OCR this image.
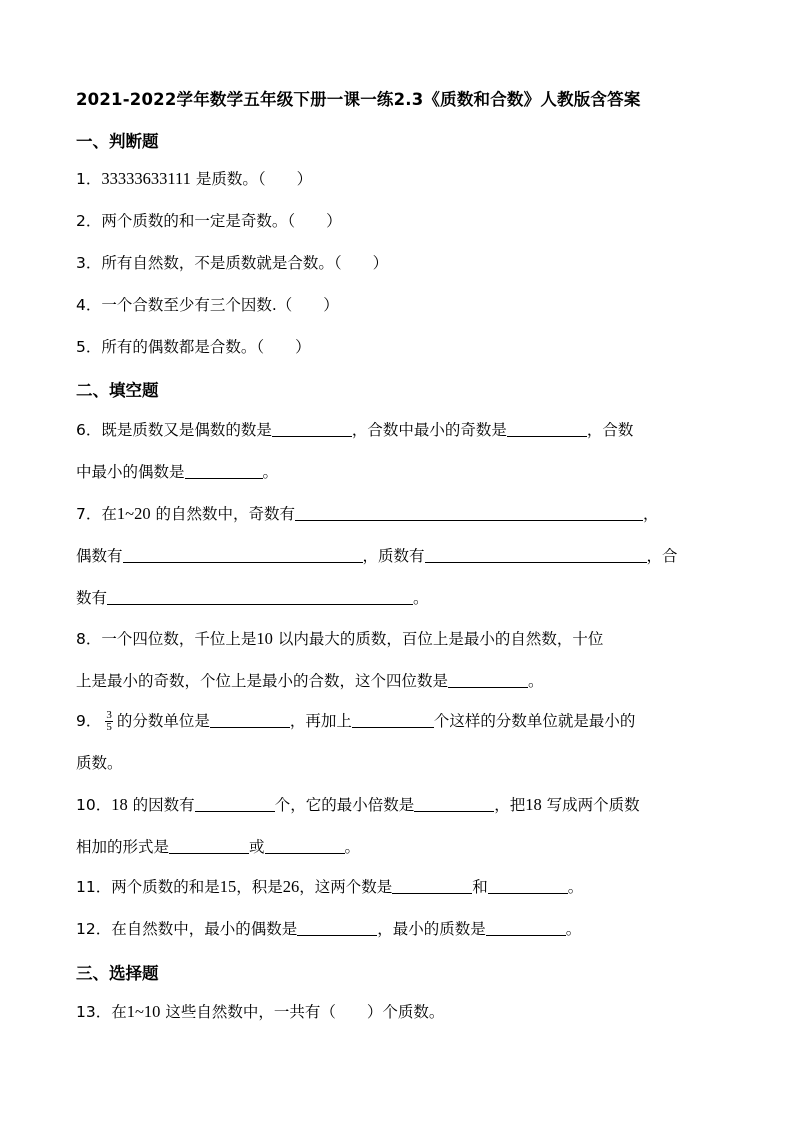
2021-2022学年数学五年级下册一课一练2.3《质数和合数》人教版含答案
一、判断题
1．33333633111 是质数。（　　）
2．两个质数的和一定是奇数。（　　）
3．所有自然数，不是质数就是合数。（　　）
4．一个合数至少有三个因数.（　　）
5．所有的偶数都是合数。（　　）
二、填空题
6．既是质数又是偶数的数是	，合数中最小的奇数是	，合数
中最小的偶数是	。
7．在1~20 的自然数中，奇数有	，
偶数有	，质数有	，合
数有	。
8．一个四位数，千位上是10 以内最大的质数，百位上是最小的自然数，十位
上是最小的奇数，个位上是最小的合数，这个四位数是	。
9． $\frac{3}{5}$ 的分数单位是	，再加上	个这样的分数单位就是最小的
质数。
10．18 的因数有	个，它的最小倍数是	，把18 写成两个质数
相加的形式是	或	。
11．两个质数的和是15，积是26，这两个数是	和	。
12．在自然数中，最小的偶数是	，最小的质数是	。
三、选择题
13．在1~10 这些自然数中，一共有（　　）个质数。
